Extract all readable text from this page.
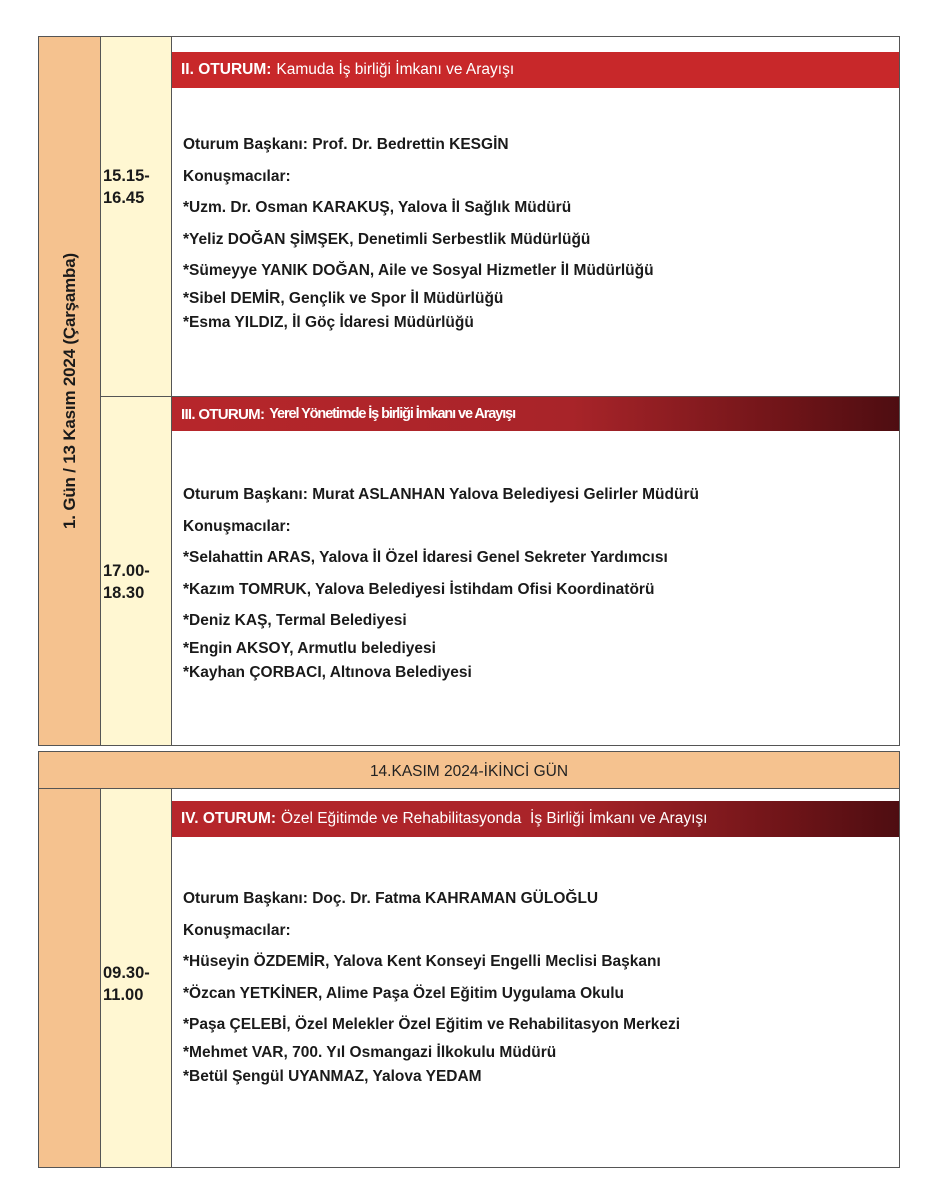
1. Gün / 13 Kasım 2024 (Çarşamba)
15.15-
16.45
II. OTURUM: Kamuda İş birliği İmkanı ve Arayışı
Oturum Başkanı: Prof. Dr. Bedrettin KESGİN
Konuşmacılar:
*Uzm. Dr. Osman KARAKUŞ, Yalova İl Sağlık Müdürü
*Yeliz DOĞAN ŞİMŞEK, Denetimli Serbestlik Müdürlüğü
*Sümeyye YANIK DOĞAN, Aile ve Sosyal Hizmetler İl Müdürlüğü
*Sibel DEMİR, Gençlik ve Spor İl Müdürlüğü
*Esma YILDIZ, İl Göç İdaresi Müdürlüğü
17.00-
18.30
III. OTURUM: Yerel Yönetimde İş birliği İmkanı ve Arayışı
Oturum Başkanı: Murat ASLANHAN Yalova Belediyesi Gelirler Müdürü
Konuşmacılar:
*Selahattin ARAS, Yalova İl Özel İdaresi Genel Sekreter Yardımcısı
*Kazım TOMRUK, Yalova Belediyesi İstihdam Ofisi Koordinatörü
*Deniz KAŞ, Termal Belediyesi
*Engin AKSOY, Armutlu belediyesi
*Kayhan ÇORBACI, Altınova Belediyesi
14.KASIM 2024-İKİNCİ GÜN
09.30-
11.00
IV. OTURUM: Özel Eğitimde ve Rehabilitasyonda  İş Birliği İmkanı ve Arayışı
Oturum Başkanı: Doç. Dr. Fatma KAHRAMAN GÜLOĞLU
Konuşmacılar:
*Hüseyin ÖZDEMİR, Yalova Kent Konseyi Engelli Meclisi Başkanı
*Özcan YETKİNER, Alime Paşa Özel Eğitim Uygulama Okulu
*Paşa ÇELEBİ, Özel Melekler Özel Eğitim ve Rehabilitasyon Merkezi
*Mehmet VAR, 700. Yıl Osmangazi İlkokulu Müdürü
*Betül Şengül UYANMAZ, Yalova YEDAM
